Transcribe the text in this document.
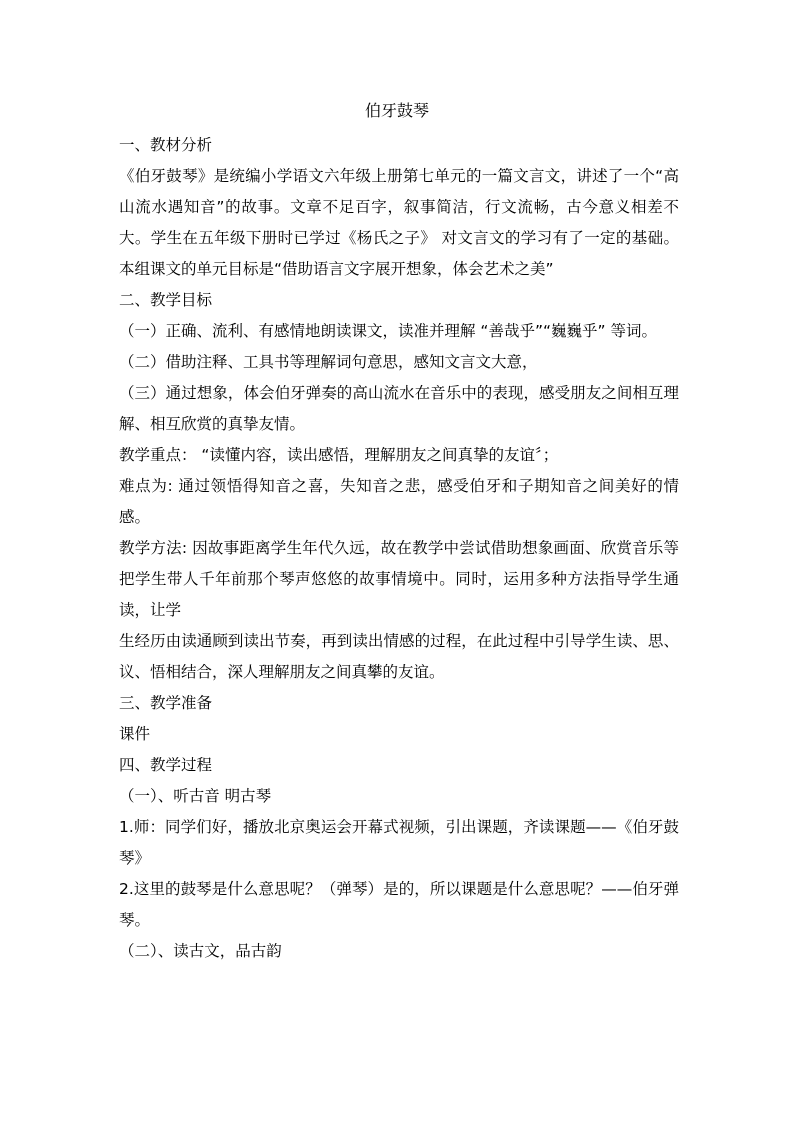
伯牙鼓琴

一、教材分析

《伯牙鼓琴》是统编小学语文六年级上册第七单元的一篇文言文，讲述了一个“高山流水遇知音”的故事。文章不足百字，叙事简洁，行文流畅，古今意义相差不大。学生在五年级下册时已学过《杨氏之子》 对文言文的学习有了一定的基础。本组课文的单元目标是“借助语言文字展开想象，体会艺术之美”

二、教学目标

（一）正确、流利、有感情地朗读课文，读准并理解 “善哉乎”“巍巍乎” 等词。

（二）借助注释、工具书等理解词句意思，感知文言文大意，

（三）通过想象，体会伯牙弹奏的高山流水在音乐中的表现，感受朋友之间相互理解、相互欣赏的真挚友情。

教学重点： “读懂内容，读出感悟，理解朋友之间真挚的友谊〞；

难点为: 通过领悟得知音之喜，失知音之悲，感受伯牙和子期知音之间美好的情感。

教学方法: 因故事距离学生年代久远，故在教学中尝试借助想象画面、欣赏音乐等把学生带人千年前那个琴声悠悠的故事情境中。同时，运用多种方法指导学生通读，让学

生经历由读通顾到读出节奏，再到读出情感的过程，在此过程中引导学生读、思、议、悟相结合，深人理解朋友之间真攀的友谊。

三、教学准备

课件

四、教学过程

（一）、听古音 明古琴

1.师：同学们好，播放北京奥运会开幕式视频，引出课题，齐读课题——《伯牙鼓琴》

2.这里的鼓琴是什么意思呢？（弹琴）是的，所以课题是什么意思呢？——伯牙弹琴。

（二）、读古文，品古韵
